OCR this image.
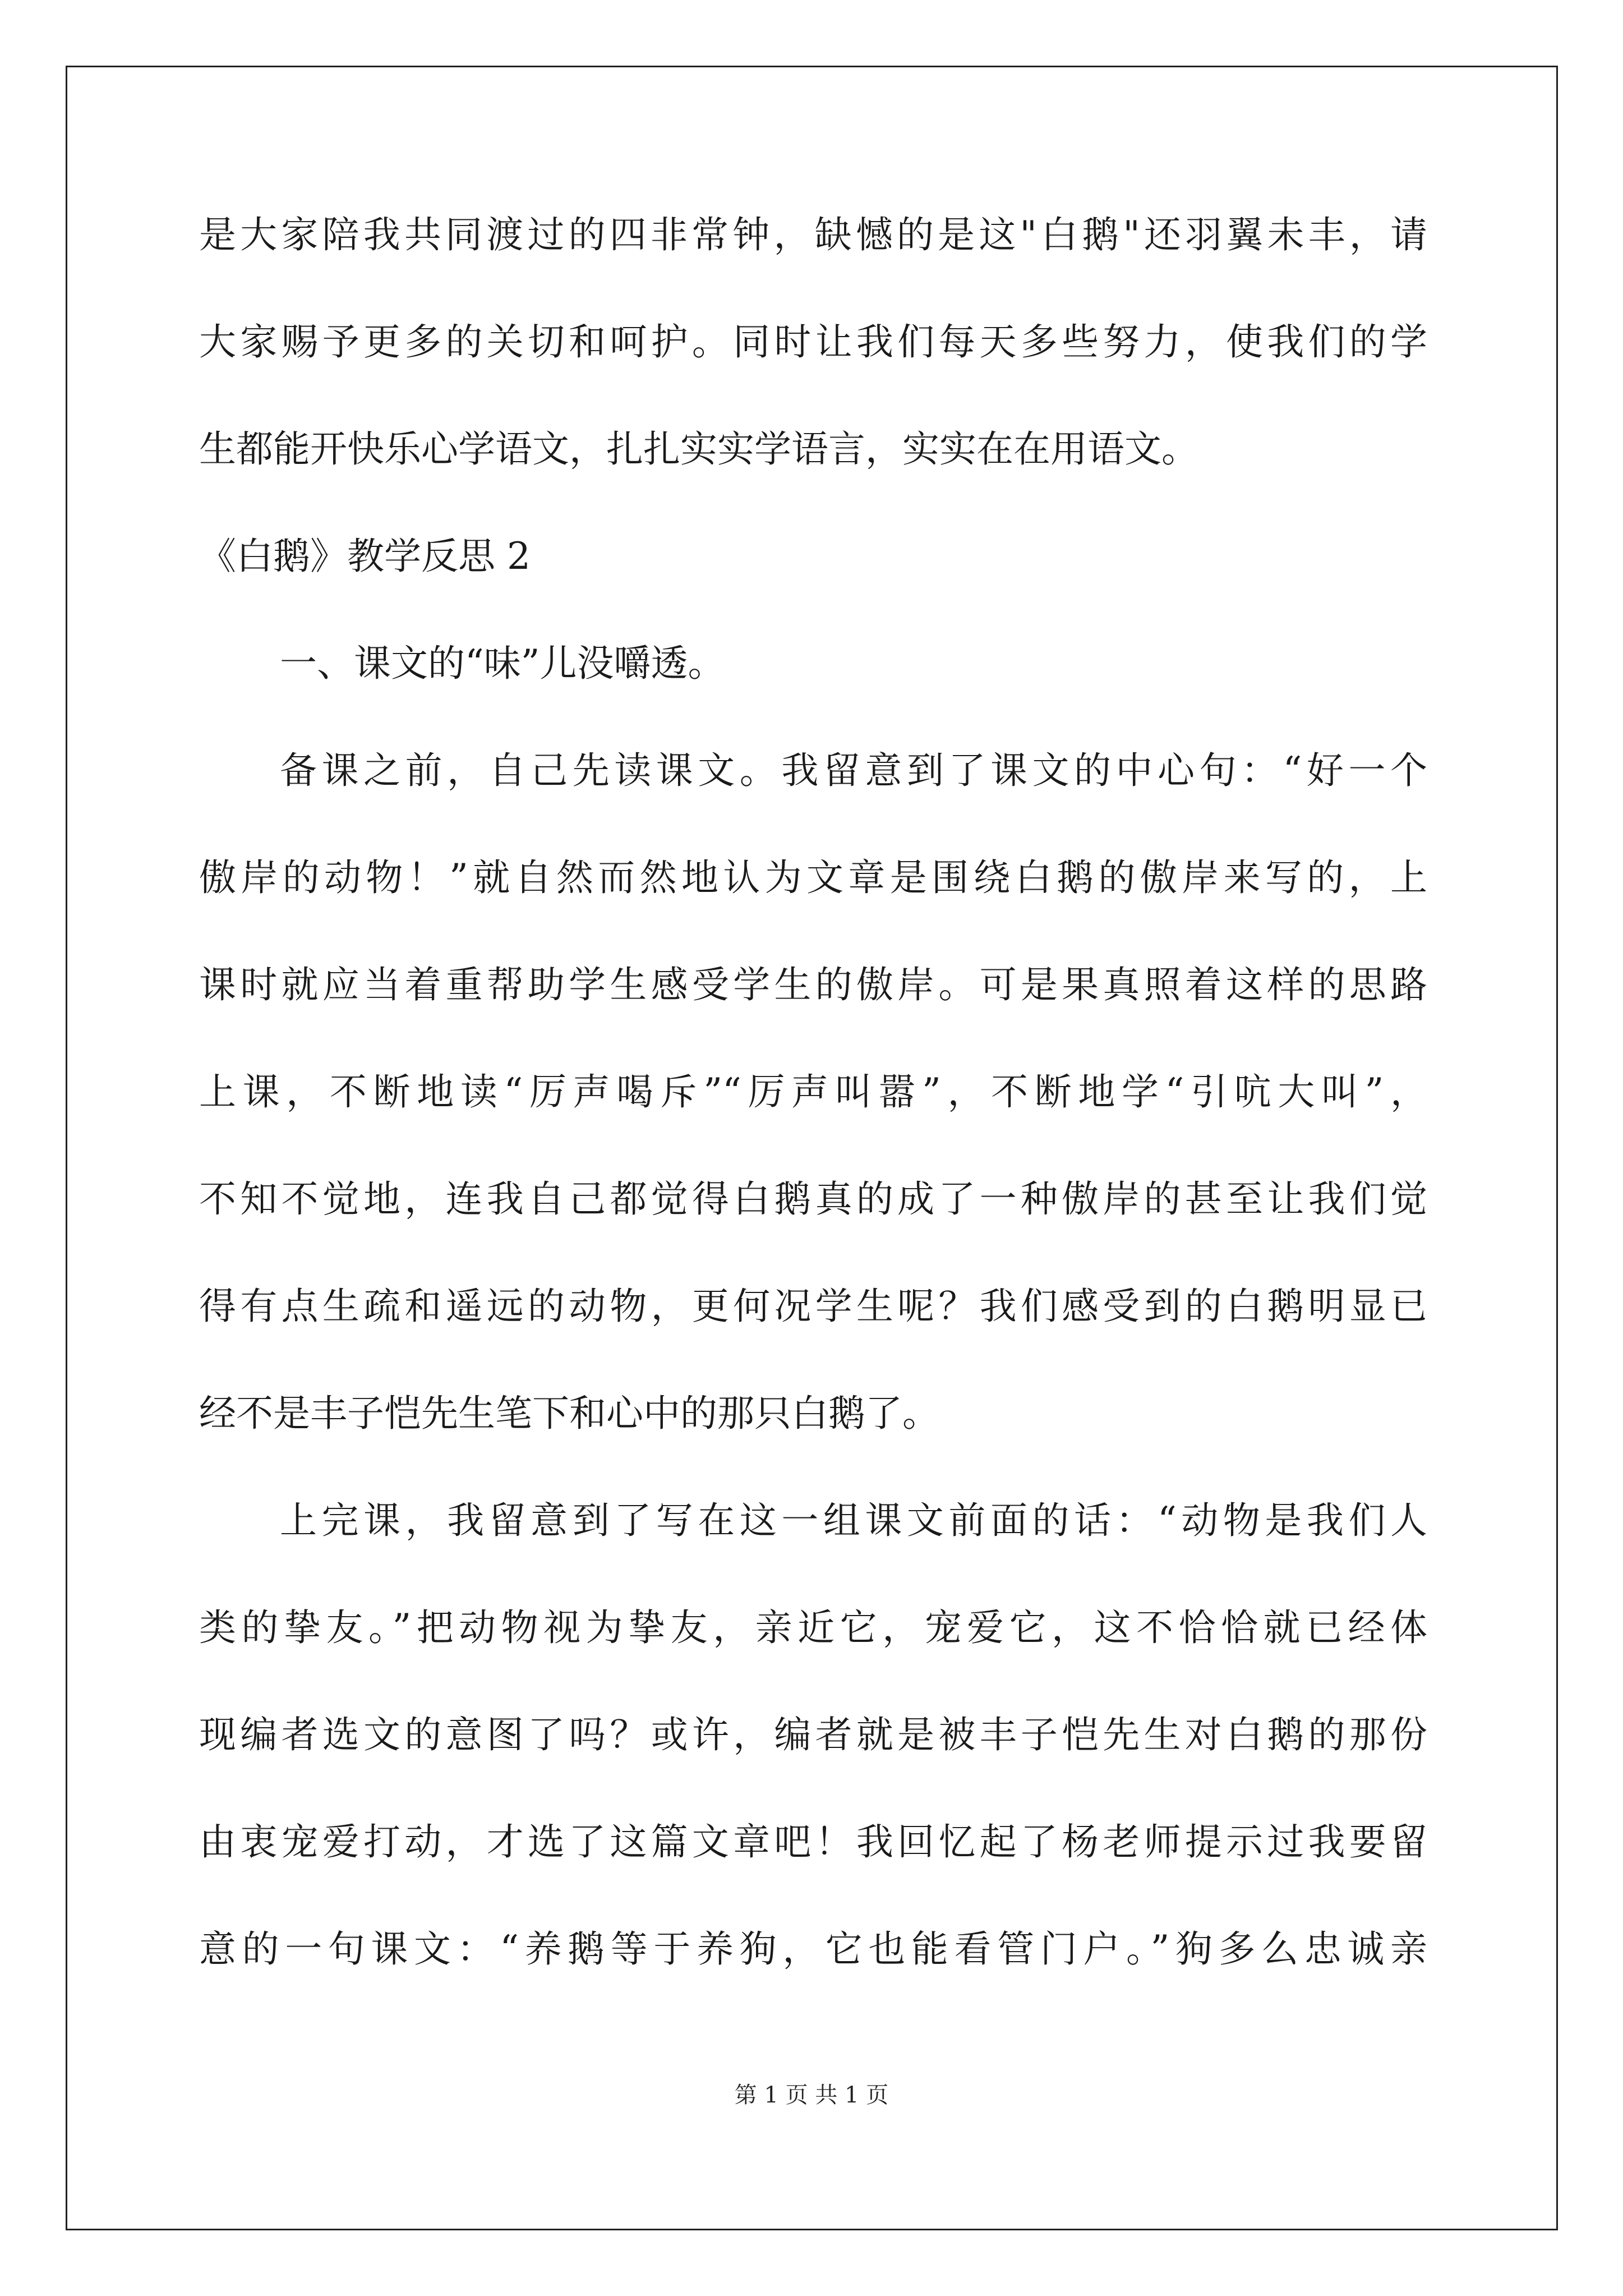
是大家陪我共同渡过的四非常钟，缺憾的是这"白鹅"还羽翼未丰，请
大家赐予更多的关切和呵护。同时让我们每天多些努力，使我们的学
生都能开快乐心学语文，扎扎实实学语言，实实在在用语文。
《白鹅》教学反思 2
一、课文的“味”儿没嚼透。
备课之前，自己先读课文。我留意到了课文的中心句：“好一个
傲岸的动物！”就自然而然地认为文章是围绕白鹅的傲岸来写的，上
课时就应当着重帮助学生感受学生的傲岸。可是果真照着这样的思路
上课，不断地读“厉声喝斥”“厉声叫嚣”，不断地学“引吭大叫”，
不知不觉地，连我自己都觉得白鹅真的成了一种傲岸的甚至让我们觉
得有点生疏和遥远的动物，更何况学生呢？我们感受到的白鹅明显已
经不是丰子恺先生笔下和心中的那只白鹅了。
上完课，我留意到了写在这一组课文前面的话：“动物是我们人
类的挚友。”把动物视为挚友，亲近它，宠爱它，这不恰恰就已经体
现编者选文的意图了吗？或许，编者就是被丰子恺先生对白鹅的那份
由衷宠爱打动，才选了这篇文章吧！我回忆起了杨老师提示过我要留
意的一句课文：“养鹅等于养狗，它也能看管门户。”狗多么忠诚亲
第 1 页 共 1 页
